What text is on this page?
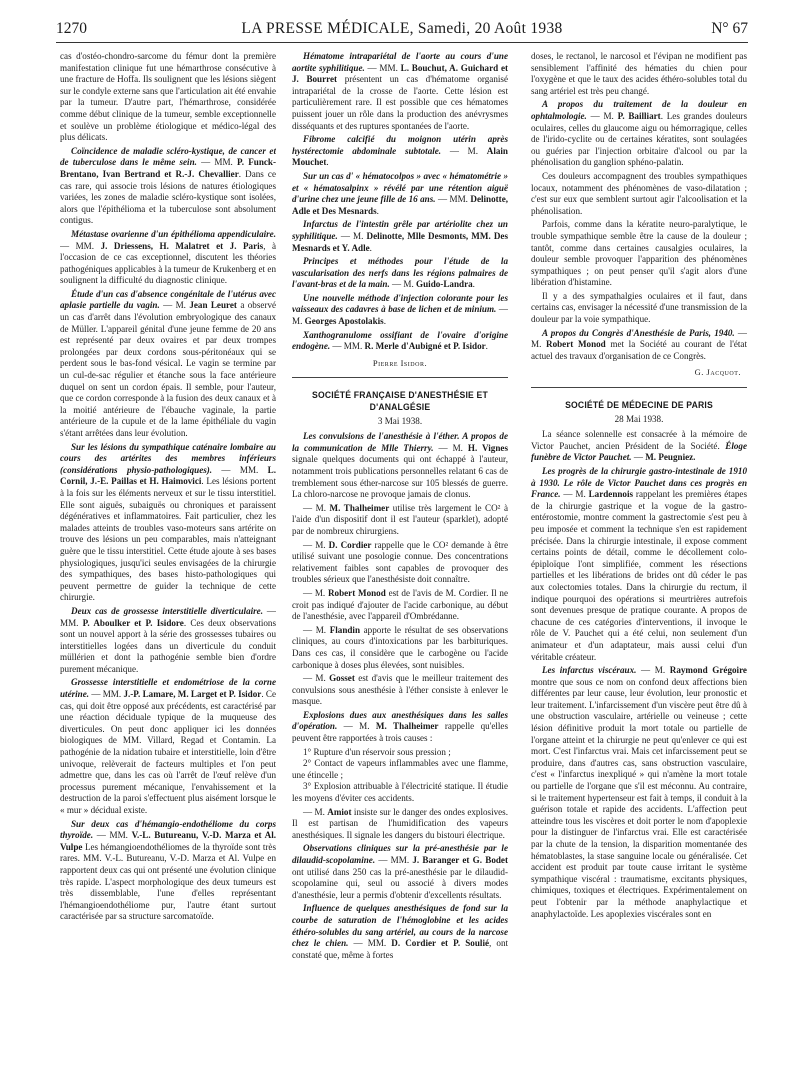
1270	LA PRESSE MÉDICALE, Samedi, 20 Août 1938	N° 67

cas d'ostéo-chondro-sarcome du fémur dont la première manifestation clinique fut une hémarthrose consécutive à une fracture de Hoffa. Ils soulignent que les lésions siègent sur le condyle externe sans que l'articulation ait été envahie par la tumeur. D'autre part, l'hémarthrose, considérée comme début clinique de la tumeur, semble exceptionnelle et soulève un problème étiologique et médico-légal des plus délicats.

Coïncidence de maladie scléro-kystique, de cancer et de tuberculose dans le même sein. — MM. P. Funck-Brentano, Ivan Bertrand et R.-J. Chevallier. Dans ce cas rare, qui associe trois lésions de natures étiologiques variées, les zones de maladie scléro-kystique sont isolées, alors que l'épithélioma et la tuberculose sont absolument contigus.

Métastase ovarienne d'un épithélioma appendiculaire. — MM. J. Driessens, H. Malatret et J. Paris, à l'occasion de ce cas exceptionnel, discutent les théories pathogéniques applicables à la tumeur de Krukenberg et en soulignent la difficulté du diagnostic clinique.

Étude d'un cas d'absence congénitale de l'utérus avec aplasie partielle du vagin. — M. Jean Leuret a observé un cas d'arrêt dans l'évolution embryologique des canaux de Müller. L'appareil génital d'une jeune femme de 20 ans est représenté par deux ovaires et par deux trompes prolongées par deux cordons sous-péritonéaux qui se perdent sous le bas-fond vésical. Le vagin se termine par un cul-de-sac régulier et étanche sous la face antérieure duquel on sent un cordon épais. Il semble, pour l'auteur, que ce cordon corresponde à la fusion des deux canaux et à la moitié antérieure de l'ébauche vaginale, la partie antérieure de la cupule et de la lame épithéliale du vagin s'étant arrêtées dans leur évolution.

Sur les lésions du sympathique caténaire lombaire au cours des artérites des membres inférieurs (considérations physio-pathologiques). — MM. L. Cornil, J.-E. Paillas et H. Haimovici. Les lésions portent à la fois sur les éléments nerveux et sur le tissu interstitiel. Elle sont aiguës, subaiguës ou chroniques et paraissent dégénératives et inflammatoires. Fait particulier, chez les malades atteints de troubles vaso-moteurs sans artérite on trouve des lésions un peu comparables, mais n'atteignant guère que le tissu interstitiel. Cette étude ajoute à ses bases physiologiques, jusqu'ici seules envisagées de la chirurgie des sympathiques, des bases histo-pathologiques qui peuvent permettre de guider la technique de cette chirurgie.

Deux cas de grossesse interstitielle diverticulaire. — MM. P. Aboulker et P. Isidore. Ces deux observations sont un nouvel apport à la série des grossesses tubaires ou interstitielles logées dans un diverticule du conduit müllérien et dont la pathogénie semble bien d'ordre purement mécanique.

Grossesse interstitielle et endométriose de la corne utérine. — MM. J.-P. Lamare, M. Larget et P. Isidor. Ce cas, qui doit être opposé aux précédents, est caractérisé par une réaction déciduale typique de la muqueuse des diverticules. On peut donc appliquer ici les données biologiques de MM. Villard, Regad et Contamin. La pathogénie de la nidation tubaire et interstitielle, loin d'être univoque, relèverait de facteurs multiples et l'on peut admettre que, dans les cas où l'arrêt de l'œuf relève d'un processus purement mécanique, l'envahissement et la destruction de la paroi s'effectuent plus aisément lorsque le « mur » décidual existe.

Sur deux cas d'hémangio-endothéliome du corps thyroïde. — MM. V.-L. Butureanu, V.-D. Marza et Al. Vulpe Les hémangioendothéliomes de la thyroïde sont très rares. MM. V.-L. Butureanu, V.-D. Marza et Al. Vulpe en rapportent deux cas qui ont présenté une évolution clinique très rapide. L'aspect morphologique des deux tumeurs est très dissemblable, l'une d'elles représentant l'hémangioendothéliome pur, l'autre étant surtout caractérisée par sa structure sarcomatoïde.

Hématome intrapariétal de l'aorte au cours d'une aortite syphilitique. — MM. L. Bouchut, A. Guichard et J. Bourret présentent un cas d'hématome organisé intrapariétal de la crosse de l'aorte. Cette lésion est particulièrement rare. Il est possible que ces hématomes puissent jouer un rôle dans la production des anévrysmes disséquants et des ruptures spontanées de l'aorte.

Fibrome calcifié du moignon utérin après hystérectomie abdominale subtotale. — M. Alain Mouchet.

Sur un cas d' « hématocolpos » avec « hématométrie » et « hématosalpinx » révélé par une rétention aiguë d'urine chez une jeune fille de 16 ans. — MM. Delinotte, Adle et Des Mesnards.

Infarctus de l'intestin grêle par artériolite chez un syphilitique. — M. Delinotte, Mlle Desmonts, MM. Des Mesnards et Y. Adle.

Principes et méthodes pour l'étude de la vascularisation des nerfs dans les régions palmaires de l'avant-bras et de la main. — M. Guido-Landra.

Une nouvelle méthode d'injection colorante pour les vaisseaux des cadavres à base de lichen et de minium. — M. Georges Apostolakis.

Xanthogranulome ossifiant de l'ovaire d'origine endogène. — MM. R. Merle d'Aubigné et P. Isidor.

Pierre Isidor.
SOCIÉTÉ FRANÇAISE D'ANESTHÉSIE ET D'ANALGÉSIE
3 Mai 1938.

Les convulsions de l'anesthésie à l'éther. A propos de la communication de Mlle Thierry. — M. H. Vignes signale quelques documents qui ont échappé à l'auteur, notamment trois publications personnelles relatant 6 cas de tremblement sous éther-narcose sur 105 blessés de guerre. La chloro-narcose ne provoque jamais de clonus.

— M. M. Thalheimer utilise très largement le CO² à l'aide d'un dispositif dont il est l'auteur (sparklet), adopté par de nombreux chirurgiens.

— M. D. Cordier rappelle que le CO² demande à être utilisé suivant une posologie connue. Des concentrations relativement faibles sont capables de provoquer des troubles sérieux que l'anesthésiste doit connaître.

— M. Robert Monod est de l'avis de M. Cordier. Il ne croit pas indiqué d'ajouter de l'acide carbonique, au début de l'anesthésie, avec l'appareil d'Ombrédanne.

— M. Flandin apporte le résultat de ses observations cliniques, au cours d'intoxications par les barbituriques. Dans ces cas, il considère que le carbogène ou l'acide carbonique à doses plus élevées, sont nuisibles.

— M. Gosset est d'avis que le meilleur traitement des convulsions sous anesthésie à l'éther consiste à enlever le masque.

Explosions dues aux anesthésiques dans les salles d'opération. — M. M. Thalheimer rappelle qu'elles peuvent être rapportées à trois causes :

1° Rupture d'un réservoir sous pression ;
2° Contact de vapeurs inflammables avec une flamme, une étincelle ;
3° Explosion attribuable à l'électricité statique. Il étudie les moyens d'éviter ces accidents.

— M. Amiot insiste sur le danger des ondes explosives. Il est partisan de l'humidification des vapeurs anesthésiques. Il signale les dangers du bistouri électrique.

Observations cliniques sur la pré-anesthésie par le dilaudid-scopolamine. — MM. J. Baranger et G. Bodet ont utilisé dans 250 cas la pré-anesthésie par le dilaudid-scopolamine qui, seul ou associé à divers modes d'anesthésie, leur a permis d'obtenir d'excellents résultats.

Influence de quelques anesthésiques de fond sur la courbe de saturation de l'hémoglobine et les acides éthéro-solubles du sang artériel, au cours de la narcose chez le chien. — MM. D. Cordier et P. Soulié, ont constaté que, même à fortes

doses, le rectanol, le narcosol et l'évipan ne modifient pas sensiblement l'affinité des hématies du chien pour l'oxygène et que le taux des acides éthéro-solubles total du sang artériel est très peu changé.

A propos du traitement de la douleur en ophtalmologie. — M. P. Bailliart. Les grandes douleurs oculaires, celles du glaucome aigu ou hémorragique, celles de l'irido-cyclite ou de certaines kératites, sont soulagées ou guéries par l'injection orbitaire d'alcool ou par la phénolisation du ganglion sphéno-palatin.

Ces douleurs accompagnent des troubles sympathiques locaux, notamment des phénomènes de vaso-dilatation ; c'est sur eux que semblent surtout agir l'alcoolisation et la phénolisation.

Parfois, comme dans la kératite neuro-paralytique, le trouble sympathique semble être la cause de la douleur ; tantôt, comme dans certaines causalgies oculaires, la douleur semble provoquer l'apparition des phénomènes sympathiques ; on peut penser qu'il s'agit alors d'une libération d'histamine.

Il y a des sympathalgies oculaires et il faut, dans certains cas, envisager la nécessité d'une transmission de la douleur par la voie sympathique.

A propos du Congrès d'Anesthésie de Paris, 1940. — M. Robert Monod met la Société au courant de l'état actuel des travaux d'organisation de ce Congrès.

G. Jacquot.
SOCIÉTÉ DE MÉDECINE DE PARIS
28 Mai 1938.

La séance solennelle est consacrée à la mémoire de Victor Pauchet, ancien Président de la Société. Éloge funèbre de Victor Pauchet. — M. Peugniez.

Les progrès de la chirurgie gastro-intestinale de 1910 à 1930. Le rôle de Victor Pauchet dans ces progrès en France. — M. Lardennois rappelant les premières étapes de la chirurgie gastrique et la vogue de la gastro-entérostomie, montre comment la gastrectomie s'est peu à peu imposée et comment la technique s'en est rapidement précisée. Dans la chirurgie intestinale, il expose comment certains points de détail, comme le décollement colo-épiploïque l'ont simplifiée, comment les résections partielles et les libérations de brides ont dû céder le pas aux colectomies totales. Dans la chirurgie du rectum, il indique pourquoi des opérations si meurtrières autrefois sont devenues presque de pratique courante. A propos de chacune de ces catégories d'interventions, il invoque le rôle de V. Pauchet qui a été celui, non seulement d'un animateur et d'un adaptateur, mais aussi celui d'un véritable créateur.

Les infarctus viscéraux. — M. Raymond Grégoire montre que sous ce nom on confond deux affections bien différentes par leur cause, leur évolution, leur pronostic et leur traitement. L'infarcissement d'un viscère peut être dû à une obstruction vasculaire, artérielle ou veineuse ; cette lésion définitive produit la mort totale ou partielle de l'organe atteint et la chirurgie ne peut qu'enlever ce qui est mort. C'est l'infarctus vrai. Mais cet infarcissement peut se produire, dans d'autres cas, sans obstruction vasculaire, c'est « l'infarctus inexpliqué » qui n'amène la mort totale ou partielle de l'organe que s'il est méconnu. Au contraire, si le traitement hypertenseur est fait à temps, il conduit à la guérison totale et rapide des accidents. L'affection peut atteindre tous les viscères et doit porter le nom d'apoplexie pour la distinguer de l'infarctus vrai. Elle est caractérisée par la chute de la tension, la disparition momentanée des hématoblastes, la stase sanguine locale ou généralisée. Cet accident est produit par toute cause irritant le système sympathique viscéral : traumatisme, excitants physiques, chimiques, toxiques et électriques. Expérimentalement on peut l'obtenir par la méthode anaphylactique et anaphylactoïde. Les apoplexies viscérales sont en
